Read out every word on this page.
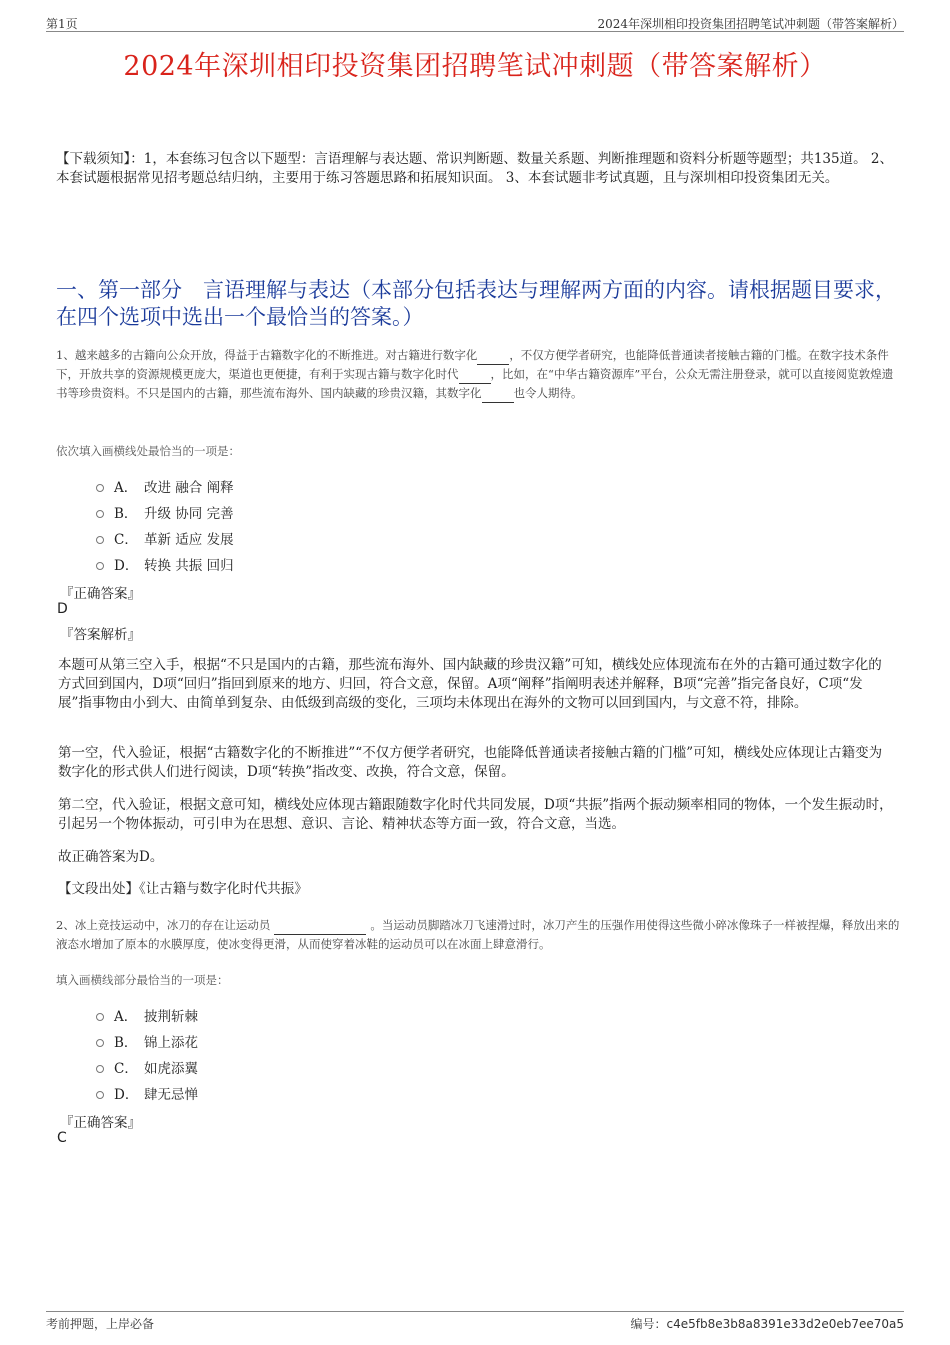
第1页	2024年深圳相印投资集团招聘笔试冲刺题（带答案解析）
2024年深圳相印投资集团招聘笔试冲刺题（带答案解析）
【下载须知】：1，本套练习包含以下题型：言语理解与表达题、常识判断题、数量关系题、判断推理题和资料分析题等题型；共135道。 2、本套试题根据常见招考题总结归纳，主要用于练习答题思路和拓展知识面。 3、本套试题非考试真题，且与深圳相印投资集团无关。
一、第一部分　言语理解与表达（本部分包括表达与理解两方面的内容。请根据题目要求，在四个选项中选出一个最恰当的答案。）
1、越来越多的古籍向公众开放，得益于古籍数字化的不断推进。对古籍进行数字化	，不仅方便学者研究，也能降低普通读者接触古籍的门槛。在数字技术条件下，开放共享的资源规模更庞大，渠道也更便捷，有利于实现古籍与数字化时代	，比如，在“中华古籍资源库”平台，公众无需注册登录，就可以直接阅览敦煌遗书等珍贵资料。不只是国内的古籍，那些流布海外、国内缺藏的珍贵汉籍，其数字化	也令人期待。
依次填入画横线处最恰当的一项是：
A． 改进 融合 阐释
B． 升级 协同 完善
C． 革新 适应 发展
D． 转换 共振 回归
『正确答案』
D
『答案解析』
本题可从第三空入手，根据“不只是国内的古籍，那些流布海外、国内缺藏的珍贵汉籍”可知，横线处应体现流布在外的古籍可通过数字化的方式回到国内，D项“回归”指回到原来的地方、归回，符合文意，保留。A项“阐释”指阐明表述并解释，B项“完善”指完备良好，C项“发展”指事物由小到大、由简单到复杂、由低级到高级的变化，三项均未体现出在海外的文物可以回到国内，与文意不符，排除。
第一空，代入验证，根据“古籍数字化的不断推进”“不仅方便学者研究，也能降低普通读者接触古籍的门槛”可知，横线处应体现让古籍变为数字化的形式供人们进行阅读，D项“转换”指改变、改换，符合文意，保留。
第二空，代入验证，根据文意可知，横线处应体现古籍跟随数字化时代共同发展，D项“共振”指两个振动频率相同的物体，一个发生振动时，引起另一个物体振动，可引申为在思想、意识、言论、精神状态等方面一致，符合文意，当选。
故正确答案为D。
【文段出处】《让古籍与数字化时代共振》
2、冰上竞技运动中，冰刀的存在让运动员	。当运动员脚踏冰刀飞速滑过时，冰刀产生的压强作用使得这些微小碎冰像珠子一样被捏爆，释放出来的液态水增加了原本的水膜厚度，使冰变得更滑，从而使穿着冰鞋的运动员可以在冰面上肆意滑行。
填入画横线部分最恰当的一项是：
A． 披荆斩棘
B． 锦上添花
C． 如虎添翼
D． 肆无忌惮
『正确答案』
C
考前押题，上岸必备	编号：c4e5fb8e3b8a8391e33d2e0eb7ee70a5
